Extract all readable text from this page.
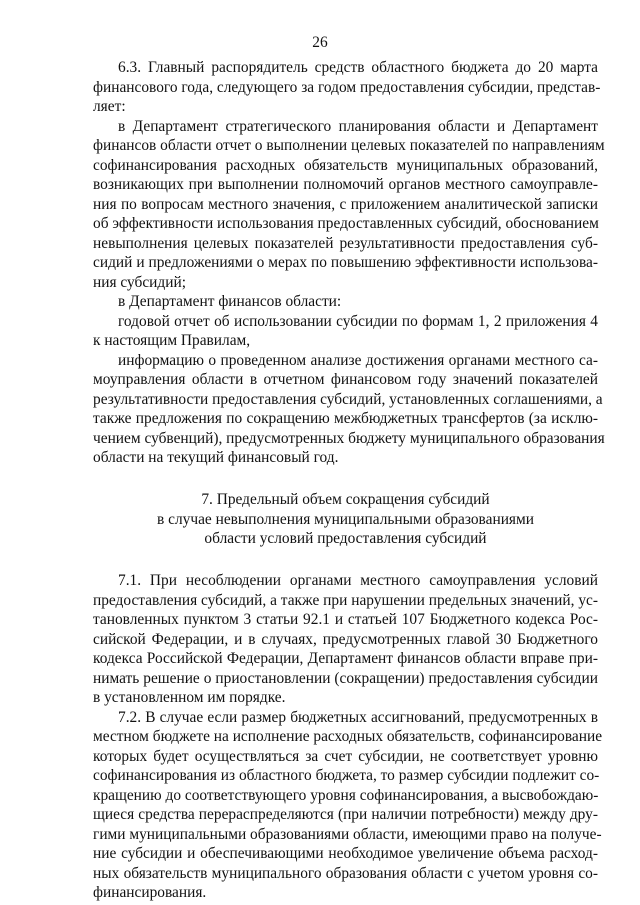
26
6.3. Главный распорядитель средств областного бюджета до 20 марта
финансового года, следующего за годом предоставления субсидии, представ-
ляет:
в Департамент стратегического планирования области и Департамент
финансов области отчет о выполнении целевых показателей по направлениям
софинансирования расходных обязательств муниципальных образований,
возникающих при выполнении полномочий органов местного самоуправле-
ния по вопросам местного значения, с приложением аналитической записки
об эффективности использования предоставленных субсидий, обоснованием
невыполнения целевых показателей результативности предоставления суб-
сидий и предложениями о мерах по повышению эффективности использова-
ния субсидий;
в Департамент финансов области:
годовой отчет об использовании субсидии по формам 1, 2 приложения 4
к настоящим Правилам,
информацию о проведенном анализе достижения органами местного са-
моуправления области в отчетном финансовом году значений показателей
результативности предоставления субсидий, установленных соглашениями, а
также предложения по сокращению межбюджетных трансфертов (за исклю-
чением субвенций), предусмотренных бюджету муниципального образования
области на текущий финансовый год.
7. Предельный объем сокращения субсидий
в случае невыполнения муниципальными образованиями
области условий предоставления субсидий
7.1. При несоблюдении органами местного самоуправления условий
предоставления субсидий, а также при нарушении предельных значений, ус-
тановленных пунктом 3 статьи 92.1 и статьей 107 Бюджетного кодекса Рос-
сийской Федерации, и в случаях, предусмотренных главой 30 Бюджетного
кодекса Российской Федерации, Департамент финансов области вправе при-
нимать решение о приостановлении (сокращении) предоставления субсидии
в установленном им порядке.
7.2. В случае если размер бюджетных ассигнований, предусмотренных в
местном бюджете на исполнение расходных обязательств, софинансирование
которых будет осуществляться за счет субсидии, не соответствует уровню
софинансирования из областного бюджета, то размер субсидии подлежит со-
кращению до соответствующего уровня софинансирования, а высвобождаю-
щиеся средства перераспределяются (при наличии потребности) между дру-
гими муниципальными образованиями области, имеющими право на получе-
ние субсидии и обеспечивающими необходимое увеличение объема расход-
ных обязательств муниципального образования области с учетом уровня со-
финансирования.
